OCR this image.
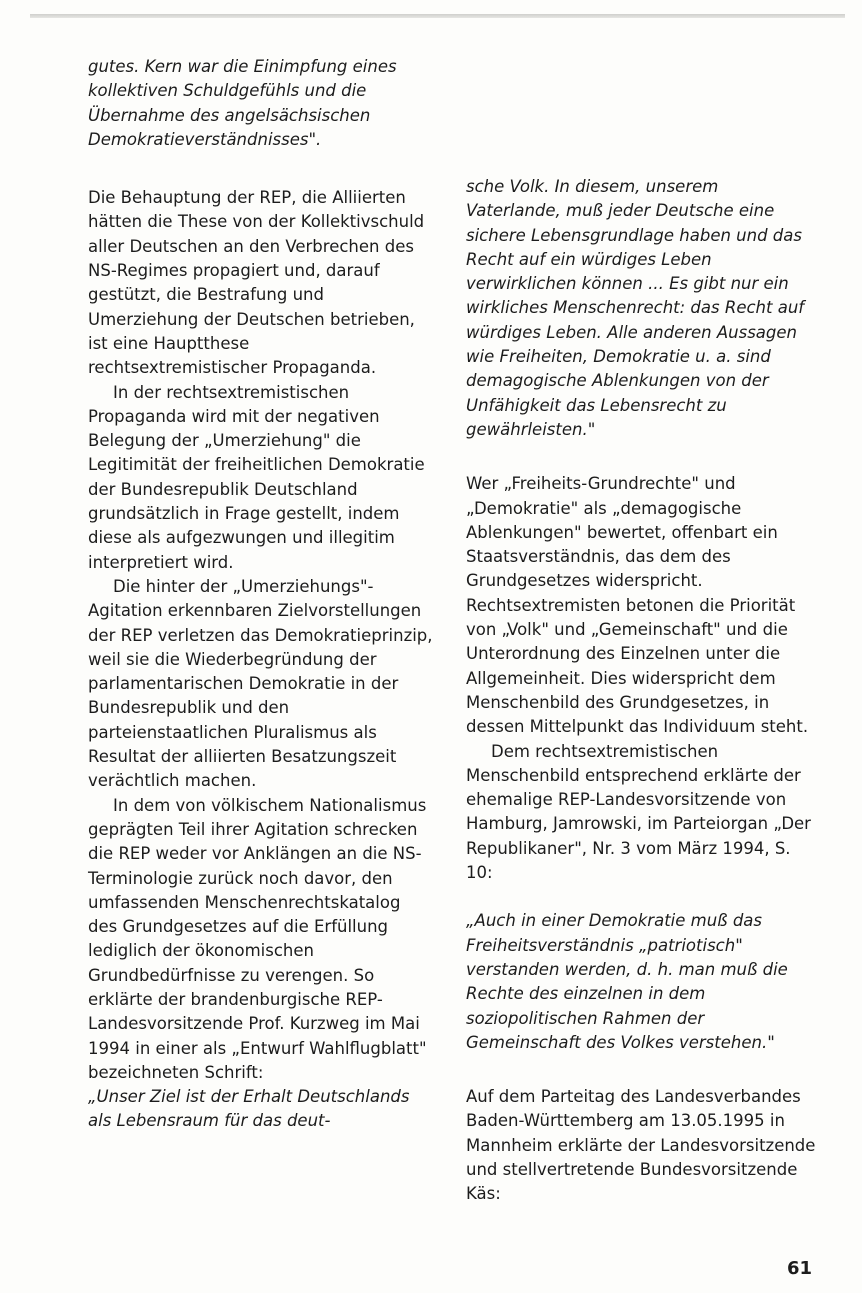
gutes. Kern war die Einimpfung eines kollektiven Schuldgefühls und die Übernahme des angelsächsischen Demokratieverständnisses".

Die Behauptung der REP, die Alliierten hätten die These von der Kollektivschuld aller Deutschen an den Verbrechen des NS-Regimes propagiert und, darauf gestützt, die Bestrafung und Umerziehung der Deutschen betrieben, ist eine Hauptthese rechtsextremistischer Propaganda.

In der rechtsextremistischen Propaganda wird mit der negativen Belegung der „Umerziehung" die Legitimität der freiheitlichen Demokratie der Bundesrepublik Deutschland grundsätzlich in Frage gestellt, indem diese als aufgezwungen und illegitim interpretiert wird.

Die hinter der „Umerziehungs"-Agitation erkennbaren Zielvorstellungen der REP verletzen das Demokratieprinzip, weil sie die Wiederbegründung der parlamentarischen Demokratie in der Bundesrepublik und den parteienstaatlichen Pluralismus als Resultat der alliierten Besatzungszeit verächtlich machen.

In dem von völkischem Nationalismus geprägten Teil ihrer Agitation schrecken die REP weder vor Anklängen an die NS-Terminologie zurück noch davor, den umfassenden Menschenrechtskatalog des Grundgesetzes auf die Erfüllung lediglich der ökonomischen Grundbedürfnisse zu verengen. So erklärte der brandenburgische REP-Landesvorsitzende Prof. Kurzweg im Mai 1994 in einer als „Entwurf Wahlflugblatt" bezeichneten Schrift:

„Unser Ziel ist der Erhalt Deutschlands als Lebensraum für das deut-

sche Volk. In diesem, unserem Vaterlande, muß jeder Deutsche eine sichere Lebensgrundlage haben und das Recht auf ein würdiges Leben verwirklichen können ... Es gibt nur ein wirkliches Menschenrecht: das Recht auf würdiges Leben. Alle anderen Aussagen wie Freiheiten, Demokratie u. a. sind demagogische Ablenkungen von der Unfähigkeit das Lebensrecht zu gewährleisten."

Wer „Freiheits-Grundrechte" und „Demokratie" als „demagogische Ablenkungen" bewertet, offenbart ein Staatsverständnis, das dem des Grundgesetzes widerspricht. Rechtsextremisten betonen die Priorität von „Volk" und „Gemeinschaft" und die Unterordnung des Einzelnen unter die Allgemeinheit. Dies widerspricht dem Menschenbild des Grundgesetzes, in dessen Mittelpunkt das Individuum steht.

Dem rechtsextremistischen Menschenbild entsprechend erklärte der ehemalige REP-Landesvorsitzende von Hamburg, Jamrowski, im Parteiorgan „Der Republikaner", Nr. 3 vom März 1994, S. 10:

„Auch in einer Demokratie muß das Freiheitsverständnis „patriotisch" verstanden werden, d. h. man muß die Rechte des einzelnen in dem soziopolitischen Rahmen der Gemeinschaft des Volkes verstehen."

Auf dem Parteitag des Landesverbandes Baden-Württemberg am 13.05.1995 in Mannheim erklärte der Landesvorsitzende und stellvertretende Bundesvorsitzende Käs:

61
